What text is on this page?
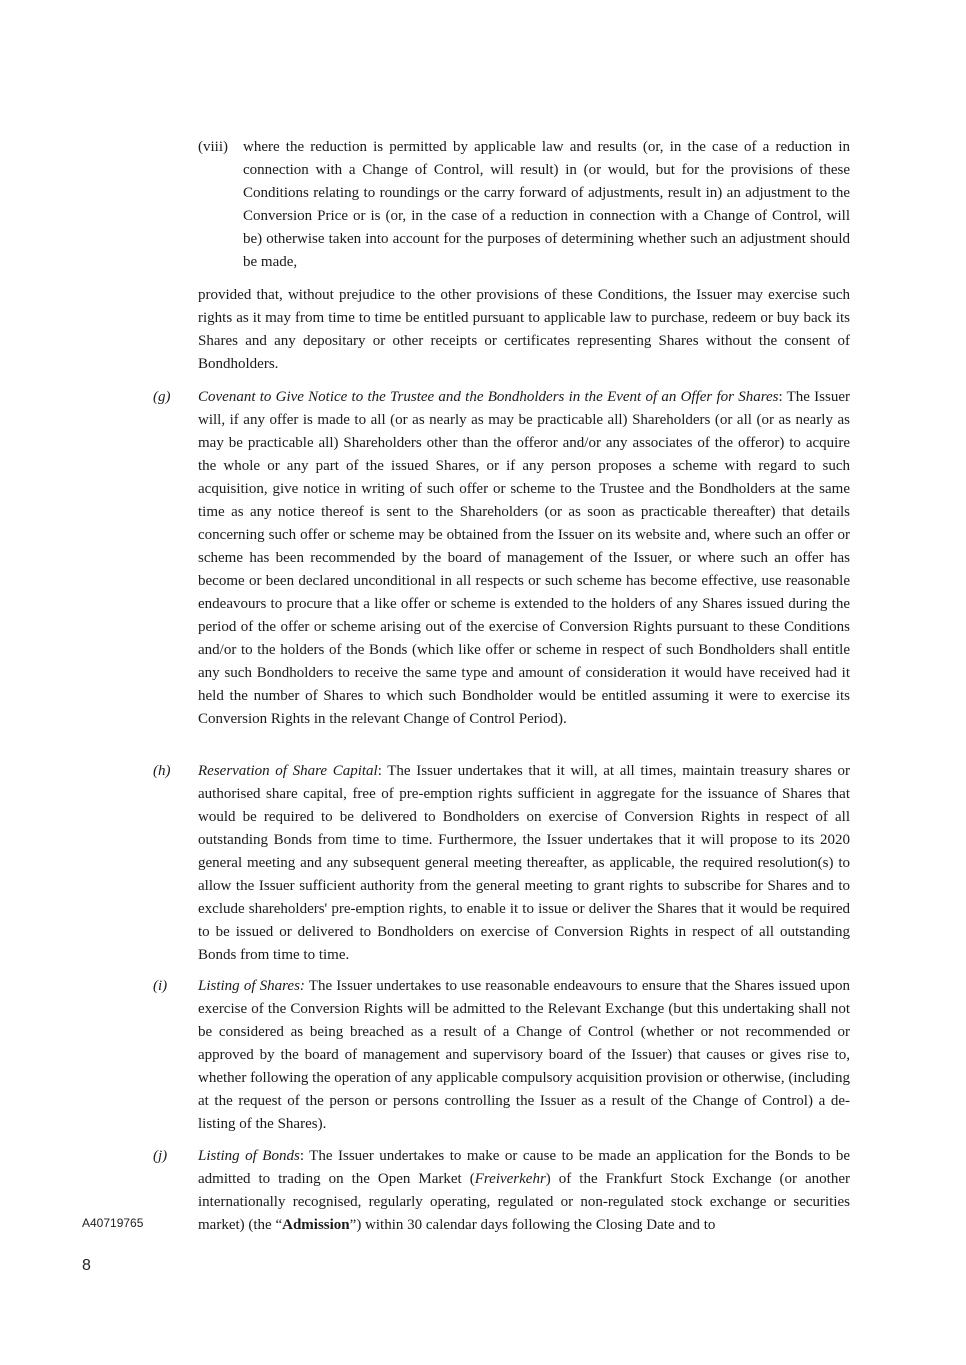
(viii) where the reduction is permitted by applicable law and results (or, in the case of a reduction in connection with a Change of Control, will result) in (or would, but for the provisions of these Conditions relating to roundings or the carry forward of adjustments, result in) an adjustment to the Conversion Price or is (or, in the case of a reduction in connection with a Change of Control, will be) otherwise taken into account for the purposes of determining whether such an adjustment should be made,
provided that, without prejudice to the other provisions of these Conditions, the Issuer may exercise such rights as it may from time to time be entitled pursuant to applicable law to purchase, redeem or buy back its Shares and any depositary or other receipts or certificates representing Shares without the consent of Bondholders.
(g) Covenant to Give Notice to the Trustee and the Bondholders in the Event of an Offer for Shares: The Issuer will, if any offer is made to all (or as nearly as may be practicable all) Shareholders (or all (or as nearly as may be practicable all) Shareholders other than the offeror and/or any associates of the offeror) to acquire the whole or any part of the issued Shares, or if any person proposes a scheme with regard to such acquisition, give notice in writing of such offer or scheme to the Trustee and the Bondholders at the same time as any notice thereof is sent to the Shareholders (or as soon as practicable thereafter) that details concerning such offer or scheme may be obtained from the Issuer on its website and, where such an offer or scheme has been recommended by the board of management of the Issuer, or where such an offer has become or been declared unconditional in all respects or such scheme has become effective, use reasonable endeavours to procure that a like offer or scheme is extended to the holders of any Shares issued during the period of the offer or scheme arising out of the exercise of Conversion Rights pursuant to these Conditions and/or to the holders of the Bonds (which like offer or scheme in respect of such Bondholders shall entitle any such Bondholders to receive the same type and amount of consideration it would have received had it held the number of Shares to which such Bondholder would be entitled assuming it were to exercise its Conversion Rights in the relevant Change of Control Period).
(h) Reservation of Share Capital: The Issuer undertakes that it will, at all times, maintain treasury shares or authorised share capital, free of pre-emption rights sufficient in aggregate for the issuance of Shares that would be required to be delivered to Bondholders on exercise of Conversion Rights in respect of all outstanding Bonds from time to time. Furthermore, the Issuer undertakes that it will propose to its 2020 general meeting and any subsequent general meeting thereafter, as applicable, the required resolution(s) to allow the Issuer sufficient authority from the general meeting to grant rights to subscribe for Shares and to exclude shareholders' pre-emption rights, to enable it to issue or deliver the Shares that it would be required to be issued or delivered to Bondholders on exercise of Conversion Rights in respect of all outstanding Bonds from time to time.
(i) Listing of Shares: The Issuer undertakes to use reasonable endeavours to ensure that the Shares issued upon exercise of the Conversion Rights will be admitted to the Relevant Exchange (but this undertaking shall not be considered as being breached as a result of a Change of Control (whether or not recommended or approved by the board of management and supervisory board of the Issuer) that causes or gives rise to, whether following the operation of any applicable compulsory acquisition provision or otherwise, (including at the request of the person or persons controlling the Issuer as a result of the Change of Control) a de-listing of the Shares).
(j) Listing of Bonds: The Issuer undertakes to make or cause to be made an application for the Bonds to be admitted to trading on the Open Market (Freiverkehr) of the Frankfurt Stock Exchange (or another internationally recognised, regularly operating, regulated or non-regulated stock exchange or securities market) (the “Admission”) within 30 calendar days following the Closing Date and to
A40719765
8
